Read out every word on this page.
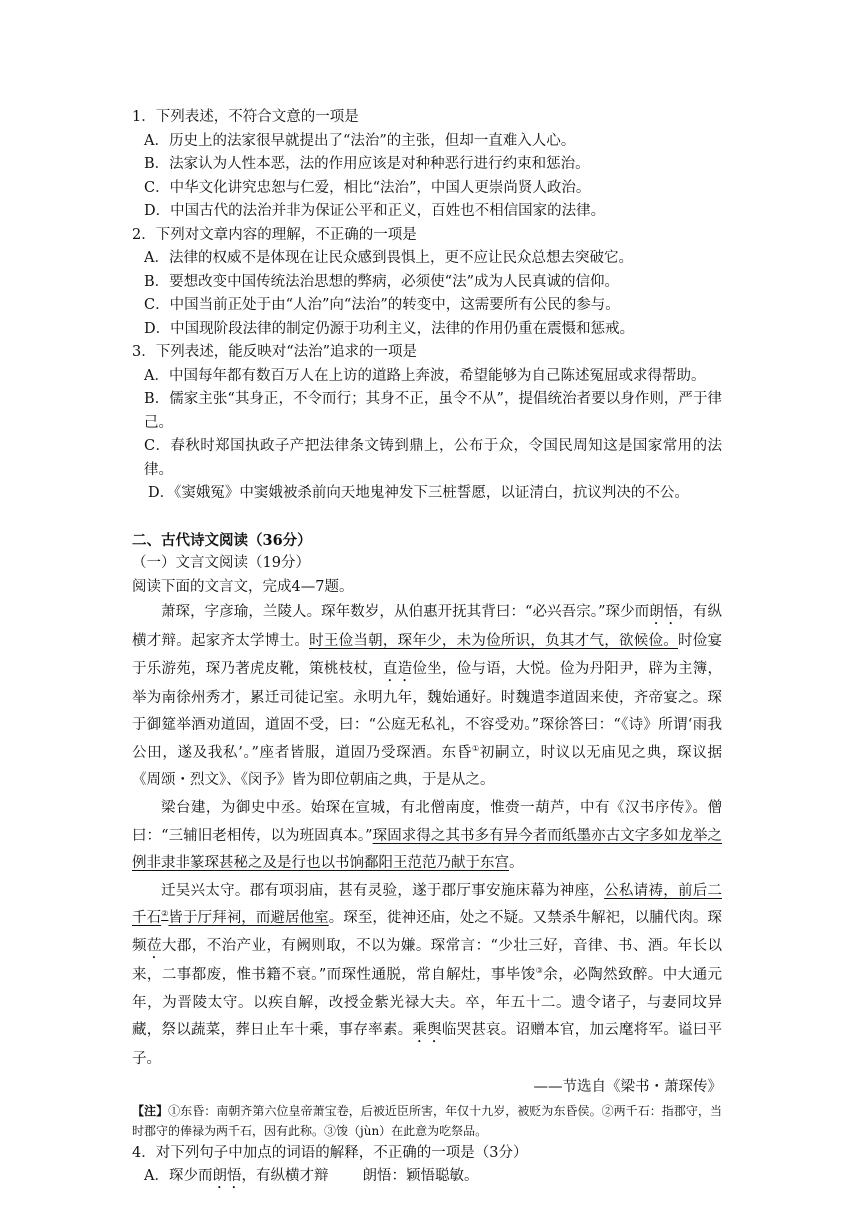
1．下列表述，不符合文意的一项是
A．历史上的法家很早就提出了“法治”的主张，但却一直难入人心。
B．法家认为人性本恶，法的作用应该是对种种恶行进行约束和惩治。
C．中华文化讲究忠恕与仁爱，相比“法治”，中国人更崇尚贤人政治。
D．中国古代的法治并非为保证公平和正义，百姓也不相信国家的法律。
2．下列对文章内容的理解，不正确的一项是
A．法律的权威不是体现在让民众感到畏惧上，更不应让民众总想去突破它。
B．要想改变中国传统法治思想的弊病，必须使“法”成为人民真诚的信仰。
C．中国当前正处于由“人治”向“法治”的转变中，这需要所有公民的参与。
D．中国现阶段法律的制定仍源于功利主义，法律的作用仍重在震慑和惩戒。
3．下列表述，能反映对“法治”追求的一项是
A．中国每年都有数百万人在上访的道路上奔波，希望能够为自己陈述冤屈或求得帮助。
B．儒家主张“其身正，不令而行；其身不正，虽令不从”，提倡统治者要以身作则，严于律己。
C．春秋时郑国执政子产把法律条文铸到鼎上，公布于众，令国民周知这是国家常用的法律。
D．《窦娥冤》中窦娥被杀前向天地鬼神发下三桩誓愿，以证清白，抗议判决的不公。
二、古代诗文阅读（36分）
（一）文言文阅读（19分）
阅读下面的文言文，完成4—7题。

萧琛，字彦瑜，兰陵人。琛年数岁，从伯惠开抚其背曰：“必兴吾宗。”琛少而朗悟，有纵横才辩。起家齐太学博士。时王俭当朝，琛年少，未为俭所识，负其才气，欲候俭。时俭宴于乐游苑，琛乃著虎皮靴，策桃枝杖，直造俭坐，俭与语，大悦。俭为丹阳尹，辟为主簿，举为南徐州秀才，累迁司徒记室。永明九年，魏始通好。时魏遣李道固来使，齐帝宴之。琛于御筵举酒劝道固，道固不受，曰：“公庭无私礼，不容受劝。”琛徐答曰：“《诗》所谓‘雨我公田，遂及我私’。”座者皆服，道固乃受琛酒。东昏①初嗣立，时议以无庙见之典，琛议据《周颂・烈文》、《闵予》皆为即位朝庙之典，于是从之。

梁台建，为御史中丞。始琛在宣城，有北僧南度，惟赍一葫芦，中有《汉书序传》。僧曰：“三辅旧老相传，以为班固真本。”琛固求得之其书多有异今者而纸墨亦古文字多如龙举之例非隶非篆琛甚秘之及是行也以书饷鄱阳王范范乃献于东宫。

迁吴兴太守。郡有项羽庙，甚有灵验，遂于郡厅事安施床幕为神座，公私请祷，前后二千石②皆于厅拜祠，而避居他室。琛至，徙神还庙，处之不疑。又禁杀牛解祀，以脯代肉。琛频莅大郡，不治产业，有阙则取，不以为嫌。琛常言：“少壮三好，音律、书、酒。年长以来，二事都废，惟书籍不衰。”而琛性通脱，常自解灶，事毕馂③余，必陶然致醉。中大通元年，为晋陵太守。以疾自解，改授金紫光禄大夫。卒，年五十二。遗令诸子，与妻同坟异藏，祭以蔬菜，葬日止车十乘，事存率素。乘舆临哭甚哀。诏赠本官，加云麾将军。谥曰平子。

——节选自《梁书・萧琛传》
【注】①东昏：南朝齐第六位皇帝萧宝卷，后被近臣所害，年仅十九岁，被贬为东昏侯。②两千石：指郡守，当时郡守的俸禄为两千石，因有此称。③馂（jùn）在此意为吃祭品。
4．对下列句子中加点的词语的解释，不正确的一项是（3分）
A．琛少而朗悟，有纵横才辩 朗悟：颖悟聪敏。
